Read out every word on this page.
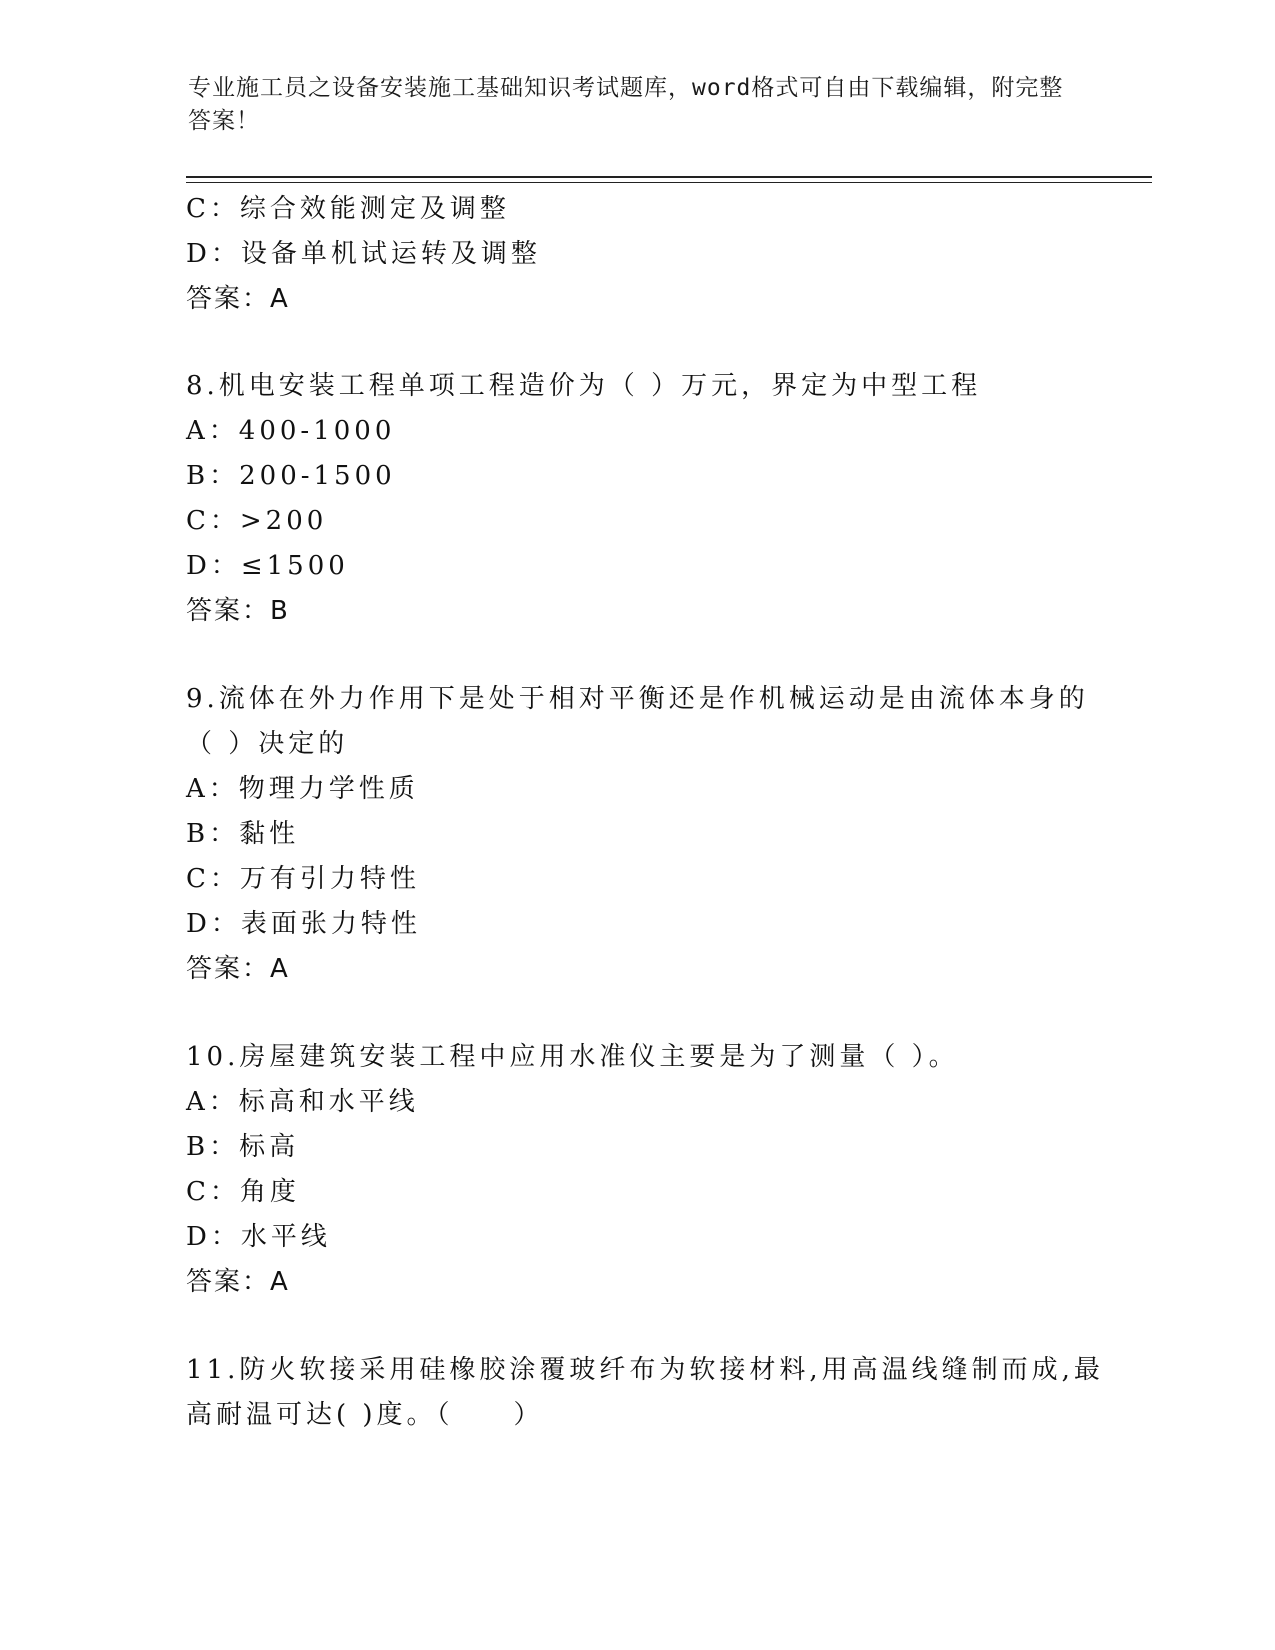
专业施工员之设备安装施工基础知识考试题库，word格式可自由下载编辑，附完整答案！
C：综合效能测定及调整
D：设备单机试运转及调整
答案：A
8.机电安装工程单项工程造价为（ ）万元，界定为中型工程
A：400-1000
B：200-1500
C：>200
D：≤1500
答案：B
9.流体在外力作用下是处于相对平衡还是作机械运动是由流体本身的
（ ）决定的
A：物理力学性质
B：黏性
C：万有引力特性
D：表面张力特性
答案：A
10.房屋建筑安装工程中应用水准仪主要是为了测量（ ）。
A：标高和水平线
B：标高
C：角度
D：水平线
答案：A
11.防火软接采用硅橡胶涂覆玻纤布为软接材料,用高温线缝制而成,最
高耐温可达( )度。（　　）
